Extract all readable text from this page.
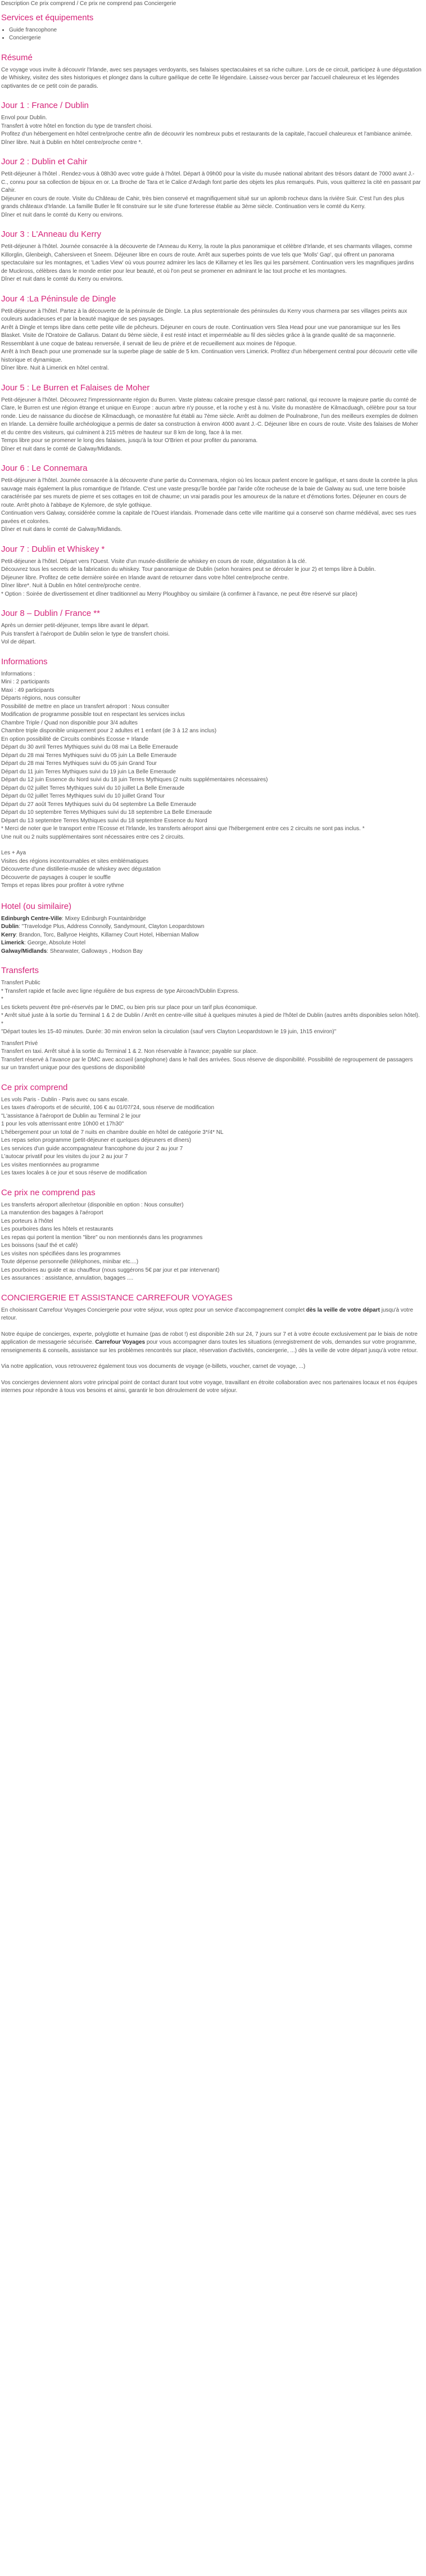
Description Ce prix comprend / Ce prix ne comprend pas Conciergerie
Services et équipements
• Guide francophone
• Conciergerie
Résumé

Ce voyage vous invite à découvrir l'Irlande, avec ses paysages verdoyants, ses falaises spectaculaires et sa riche culture. Lors de ce circuit, participez à une dégustation de Whiskey, visitez des sites historiques et plongez dans la culture gaélique de cette île légendaire. Laissez-vous bercer par l'accueil chaleureux et les légendes captivantes de ce petit coin de paradis.

Jour 1 : France / Dublin
Envol pour Dublin.
Transfert à votre hôtel en fonction du type de transfert choisi.
Profitez d'un hébergement en hôtel centre/proche centre afin de découvrir les nombreux pubs et restaurants de la capitale, l'accueil chaleureux et l'ambiance animée.
Dîner libre. Nuit à Dublin en hôtel centre/proche centre *.
Jour 2 : Dublin et Cahir
Petit-déjeuner à l'hôtel . Rendez-vous à 08h30 avec votre guide à l'hôtel. Départ à 09h00 pour la visite du musée national abritant des trésors datant de 7000 avant J.-C., connu pour sa collection de bijoux en or. La Broche de Tara et le Calice d'Ardagh font partie des objets les plus remarqués. Puis, vous quitterez la cité en passant par Cahir.
Déjeuner en cours de route. Visite du Château de Cahir, très bien conservé et magnifiquement situé sur un aplomb rocheux dans la rivière Suir. C'est l'un des plus grands châteaux d'Irlande. La famille Butler le fit construire sur le site d'une forteresse établie au 3ème siècle. Continuation vers le comté du Kerry.
Dîner et nuit dans le comté du Kerry ou environs.
Jour 3 : L'Anneau du Kerry
Petit-déjeuner à l'hôtel. Journée consacrée à la découverte de l'Anneau du Kerry, la route la plus panoramique et célèbre d'Irlande, et ses charmants villages, comme Killorglin, Glenbeigh, Cahersiveen et Sneem. Déjeuner libre en cours de route. Arrêt aux superbes points de vue tels que 'Molls' Gap', qui offrent un panorama spectaculaire sur les montagnes, et 'Ladies View' où vous pourrez admirer les lacs de Killarney et les îles qui les parsèment. Continuation vers les magnifiques jardins de Muckross, célèbres dans le monde entier pour leur beauté, et où l'on peut se promener en admirant le lac tout proche et les montagnes.
Dîner et nuit dans le comté du Kerry ou environs.
Jour 4 :La Péninsule de Dingle
Petit-déjeuner à l'hôtel. Partez à la découverte de la péninsule de Dingle. La plus septentrionale des péninsules du Kerry vous charmera par ses villages peints aux couleurs audacieuses et par la beauté magique de ses paysages.
Arrêt à Dingle et temps libre dans cette petite ville de pêcheurs. Déjeuner en cours de route. Continuation vers Slea Head pour une vue panoramique sur les îles Blasket. Visite de l'Oratoire de Gallarus. Datant du 9ème siècle, il est resté intact et imperméable au fil des siècles grâce à la grande qualité de sa maçonnerie. Ressemblant à une coque de bateau renversée, il servait de lieu de prière et de recueillement aux moines de l'époque.
Arrêt à Inch Beach pour une promenade sur la superbe plage de sable de 5 km. Continuation vers Limerick. Profitez d'un hébergement central pour découvrir cette ville historique et dynamique.
Dîner libre. Nuit à Limerick en hôtel central.
Jour 5 : Le Burren et Falaises de Moher
Petit-déjeuner à l'hôtel. Découvrez l'impressionnante région du Burren. Vaste plateau calcaire presque classé parc national, qui recouvre la majeure partie du comté de Clare, le Burren est une région étrange et unique en Europe : aucun arbre n'y pousse, et la roche y est à nu. Visite du monastère de Kilmacduagh, célèbre pour sa tour ronde. Lieu de naissance du diocèse de Kilmacduagh, ce monastère fut établi au 7ème siècle. Arrêt au dolmen de Poulnabrone, l'un des meilleurs exemples de dolmen en Irlande. La dernière fouille archéologique a permis de dater sa construction à environ 4000 avant J.-C. Déjeuner libre en cours de route. Visite des falaises de Moher et du centre des visiteurs, qui culminent à 215 mètres de hauteur sur 8 km de long, face à la mer.
Temps libre pour se promener le long des falaises, jusqu'à la tour O'Brien et pour profiter du panorama.
Dîner et nuit dans le comté de Galway/Midlands.
Jour 6 : Le Connemara
Petit-déjeuner à l'hôtel. Journée consacrée à la découverte d'une partie du Connemara, région où les locaux parlent encore le gaélique, et sans doute la contrée la plus sauvage mais également la plus romantique de l'Irlande. C'est une vaste presqu'île bordée par l'aride côte rocheuse de la baie de Galway au sud, une terre boisée caractérisée par ses murets de pierre et ses cottages en toit de chaume; un vrai paradis pour les amoureux de la nature et d'émotions fortes. Déjeuner en cours de route. Arrêt photo à l'abbaye de Kylemore, de style gothique.
Continuation vers Galway, considérée comme la capitale de l'Ouest irlandais. Promenade dans cette ville maritime qui a conservé son charme médiéval, avec ses rues pavées et colorées.
Dîner et nuit dans le comté de Galway/Midlands.
Jour 7 : Dublin et Whiskey *
Petit-déjeuner à l'hôtel. Départ vers l'Ouest. Visite d'un musée-distillerie de whiskey en cours de route, dégustation à la clé.
Découvrez tous les secrets de la fabrication du whiskey. Tour panoramique de Dublin (selon horaires peut se dérouler le jour 2) et temps libre à Dublin.
Déjeuner libre. Profitez de cette dernière soirée en Irlande avant de retourner dans votre hôtel centre/proche centre.
Dîner libre*. Nuit à Dublin en hôtel centre/proche centre.
* Option : Soirée de divertissement et dîner traditionnel au Merry Ploughboy ou similaire (à confirmer à l'avance, ne peut être réservé sur place)
Jour 8 – Dublin / France **
Après un dernier petit-déjeuner, temps libre avant le départ.
Puis transfert à l'aéroport de Dublin selon le type de transfert choisi.
Vol de départ.
Informations
Informations :
Mini : 2 participants
Maxi : 49 participants
Départs régions, nous consulter
Possibilité de mettre en place un transfert aéroport : Nous consulter
Modification de programme possible tout en respectant les services inclus
Chambre Triple / Quad non disponible pour 3/4 adultes
Chambre triple disponible uniquement pour 2 adultes et 1 enfant (de 3 à 12 ans inclus)
En option possibilité de Circuits combinés Ecosse + Irlande
Départ du 30 avril Terres Mythiques suivi du 08 mai La Belle Emeraude
Départ du 28 mai Terres Mythiques suivi du 05 juin La Belle Emeraude
Départ du 28 mai Terres Mythiques suivi du 05 juin Grand Tour
Départ du 11 juin Terres Mythiques suivi du 19 juin La Belle Emeraude
Départ du 12 juin Essence du Nord suivi du 18 juin Terres Mythiques (2 nuits supplémentaires nécessaires)
Départ du 02 juillet Terres Mythiques suivi du 10 juillet La Belle Emeraude
Départ du 02 juillet Terres Mythiques suivi du 10 juillet Grand Tour
Départ du 27 août Terres Mythiques suivi du 04 septembre La Belle Emeraude
Départ du 10 septembre Terres Mythiques suivi du 18 septembre La Belle Emeraude
Départ du 13 septembre Terres Mythiques suivi du 18 septembre Essence du Nord
* Merci de noter que le transport entre l'Ecosse et l'Irlande, les transferts aéroport ainsi que l'hébergement entre ces 2 circuits ne sont pas inclus. *
Une nuit ou 2 nuits supplémentaires sont nécessaires entre ces 2 circuits.
Les + Aya
Visites des régions incontournables et sites emblématiques
Découverte d'une distillerie-musée de whiskey avec dégustation
Découverte de paysages à couper le souffle
Temps et repas libres pour profiter à votre rythme
Hotel (ou similaire)
Edinburgh Centre-Ville: Mixey Edinburgh Fountainbridge
Dublin: "Travelodge Plus, Address Connolly, Sandymount, Clayton Leopardstown
Kerry: Brandon, Torc, Ballyroe Heights, Killarney Court Hotel, Hibernian Mallow
Limerick: George, Absolute Hotel
Galway/Midlands: Shearwater, Galloways , Hodson Bay
Transferts
Transfert Public
* Transfert rapide et facile avec ligne régulière de bus express de type Aircoach/Dublin Express.
*
Les tickets peuvent être pré-réservés par le DMC, ou bien pris sur place pour un tarif plus économique.
* Arrêt situé juste à la sortie du Terminal 1 & 2 de Dublin / Arrêt en centre-ville situé à quelques minutes à pied de l'hôtel de Dublin (autres arrêts disponibles selon hôtel).
*
"Départ toutes les 15-40 minutes. Durée: 30 min environ selon la circulation (sauf vers Clayton Leopardstown le 19 juin, 1h15 environ)"
Transfert Privé
Transfert en taxi. Arrêt situé à la sortie du Terminal 1 & 2. Non réservable à l'avance; payable sur place.
Transfert réservé à l'avance par le DMC avec accueil (anglophone) dans le hall des arrivées. Sous réserve de disponibilité. Possibilité de regroupement de passagers sur un transfert unique pour des questions de disponibilité
Ce prix comprend
Les vols Paris - Dublin - Paris avec ou sans escale.
Les taxes d'aéroports et de sécurité, 106 € au 01/07/'24, sous réserve de modification
"L'assistance à l'aéroport de Dublin au Terminal 2 le jour
1 pour les vols atterrissant entre 10h00 et 17h30"
L'hébergement pour un total de 7 nuits en chambre double en hôtel de catégorie 3*/4* NL
Les repas selon programme (petit-déjeuner et quelques déjeuners et dîners)
Les services d'un guide accompagnateur francophone du jour 2 au jour 7
L'autocar privatif pour les visites du jour 2 au jour 7
Les visites mentionnées au programme
Les taxes locales à ce jour et sous réserve de modification
Ce prix ne comprend pas
Les transferts aéroport aller/retour (disponible en option : Nous consulter)
La manutention des bagages à l'aéroport
Les porteurs à l'hôtel
Les pourboires dans les hôtels et restaurants
Les repas qui portent la mention "libre" ou non mentionnés dans les programmes
Les boissons (sauf thé et café)
Les visites non spécifiées dans les programmes
Toute dépense personnelle (téléphones, minibar etc....)
Les pourboires au guide et au chauffeur (nous suggérons 5€ par jour et par intervenant)
Les assurances : assistance, annulation, bagages ....
CONCIERGERIE ET ASSISTANCE CARREFOUR VOYAGES

En choisissant Carrefour Voyages Conciergerie pour votre séjour, vous optez pour un service d'accompagnement complet dès la veille de votre départ jusqu'à votre retour.

Notre équipe de concierges, experte, polyglotte et humaine (pas de robot !) est disponible 24h sur 24, 7 jours sur 7 et à votre écoute exclusivement par le biais de notre application de messagerie sécurisée. Carrefour Voyages pour vous accompagner dans toutes les situations (enregistrement de vols, demandes sur votre programme, renseignements & conseils, assistance sur les problèmes rencontrés sur place, réservation d'activités, conciergerie, ...) dès la veille de votre départ jusqu'à votre retour.

Via notre application, vous retrouverez également tous vos documents de voyage (e-billets, voucher, carnet de voyage, ...)

Vos concierges deviennent alors votre principal point de contact durant tout votre voyage, travaillant en étroite collaboration avec nos partenaires locaux et nos équipes internes pour répondre à tous vos besoins et ainsi, garantir le bon déroulement de votre séjour.
